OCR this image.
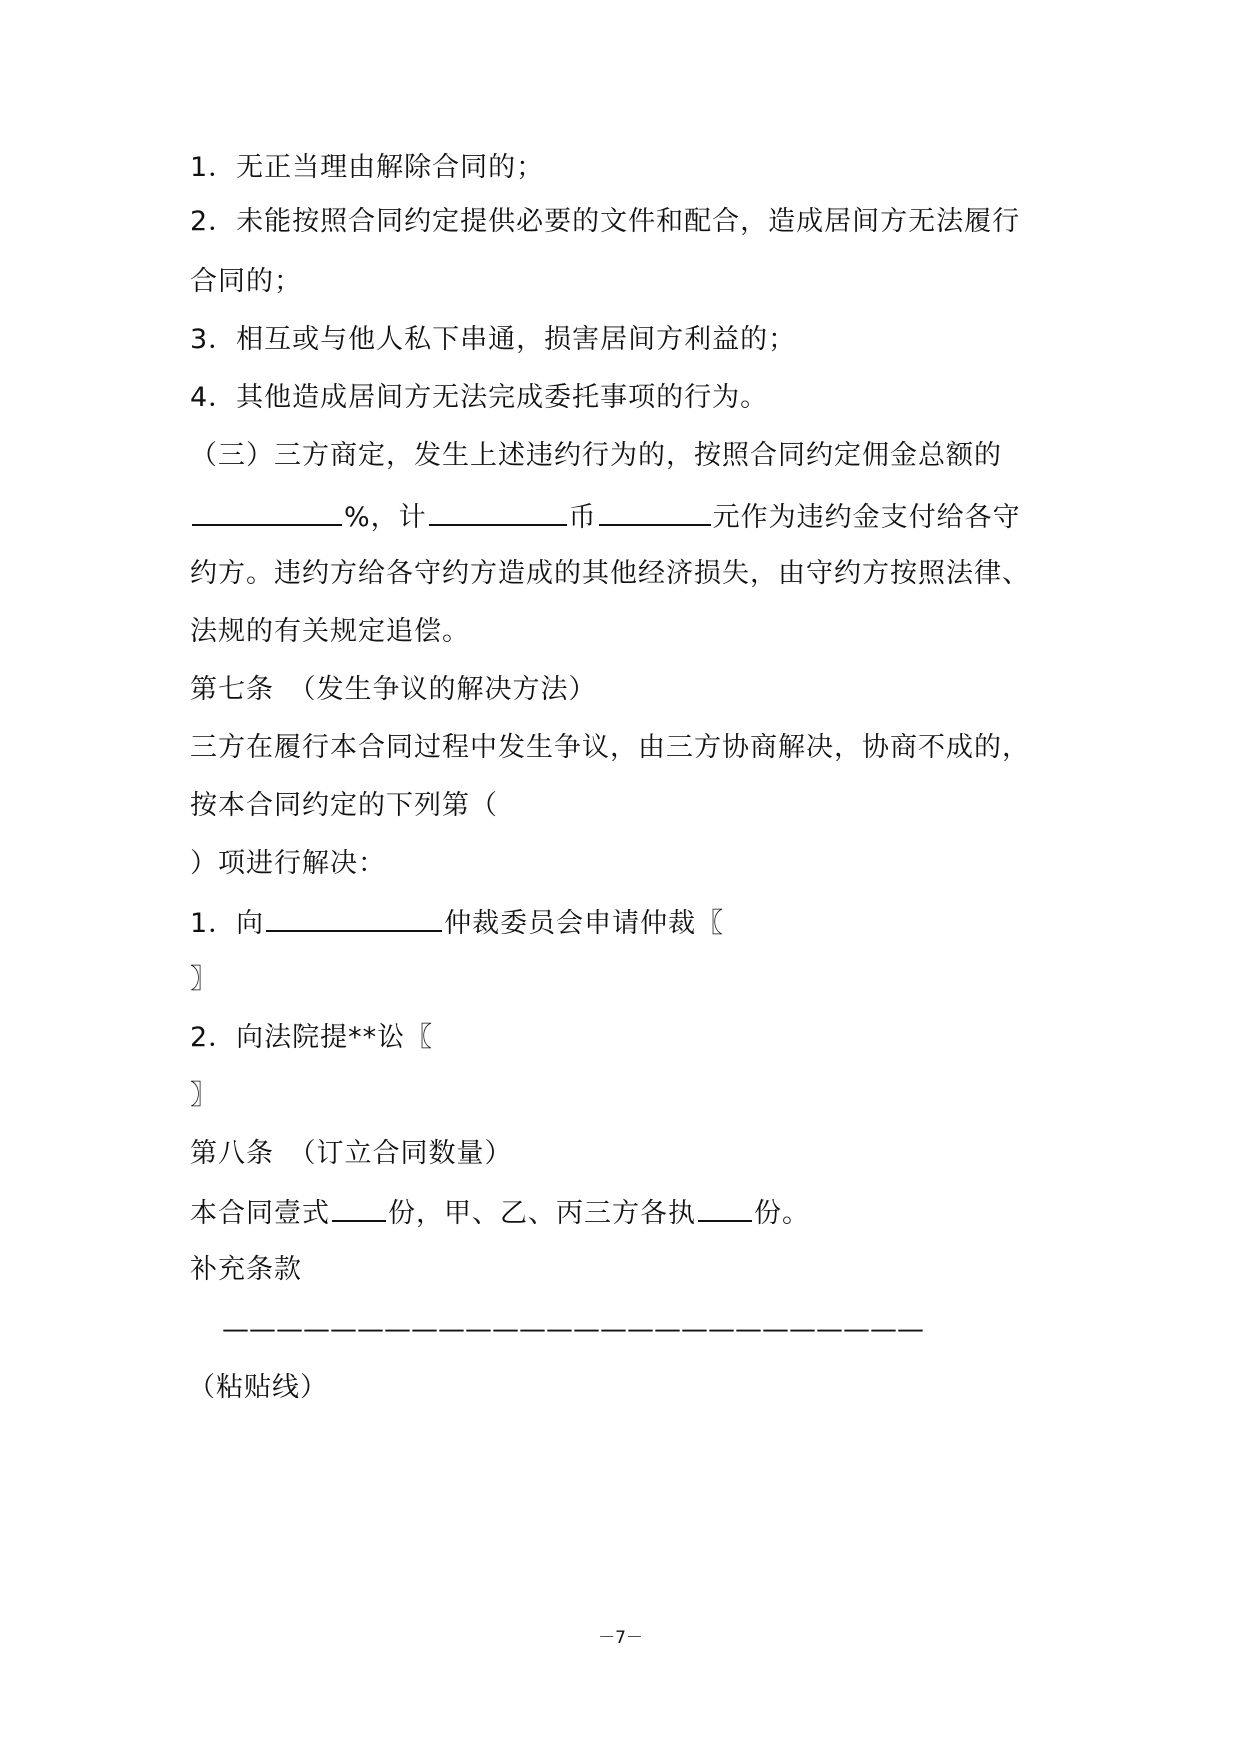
1．无正当理由解除合同的；
2．未能按照合同约定提供必要的文件和配合，造成居间方无法履行
合同的；
3．相互或与他人私下串通，损害居间方利益的；
4．其他造成居间方无法完成委托事项的行为。
（三）三方商定，发生上述违约行为的，按照合同约定佣金总额的
%，计	币	元作为违约金支付给各守
约方。违约方给各守约方造成的其他经济损失，由守约方按照法律、
法规的有关规定追偿。
第七条　（发生争议的解决方法）
三方在履行本合同过程中发生争议，由三方协商解决，协商不成的，
按本合同约定的下列第（
）项进行解决：
1．向	仲裁委员会申请仲裁〖
〗
2．向法院提**讼〖
〗
第八条　（订立合同数量）
本合同壹式 份，甲、乙、丙三方各执 份。
补充条款
——————————————————————————
（粘贴线）
－7－
